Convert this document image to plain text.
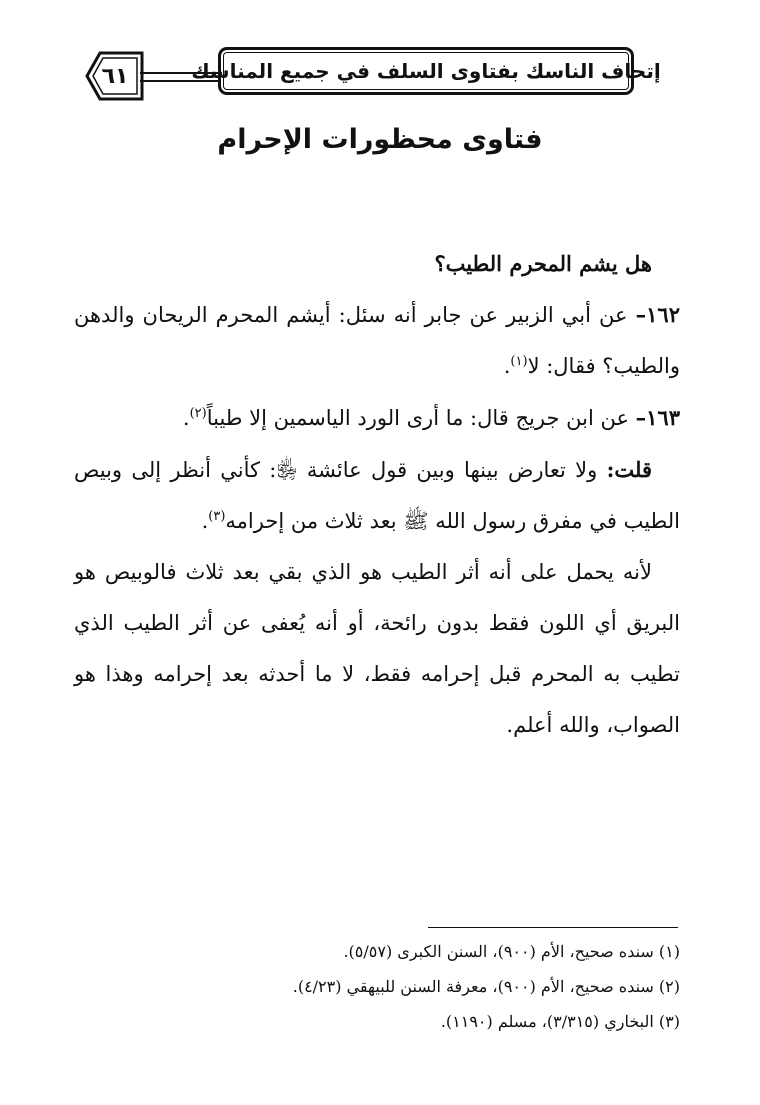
٦١	إتحاف الناسك بفتاوى السلف في جميع المناسك
فتاوى محظورات الإحرام

هل يشم المحرم الطيب؟

١٦٢– عن أبي الزبير عن جابر أنه سئل: أيشم المحرم الريحان والدهن والطيب؟ فقال: لا$^{(١)}$.

١٦٣– عن ابن جريج قال: ما أرى الورد الياسمين إلا طيباً$^{(٢)}$.

قلت: ولا تعارض بينها وبين قول عائشة ﵂: كأني أنظر إلى وبيص الطيب في مفرق رسول الله ﷺ بعد ثلاث من إحرامه$^{(٣)}$.

لأنه يحمل على أنه أثر الطيب هو الذي بقي بعد ثلاث فالوبيص هو البريق أي اللون فقط بدون رائحة، أو أنه يُعفى عن أثر الطيب الذي تطيب به المحرم قبل إحرامه فقط، لا ما أحدثه بعد إحرامه وهذا هو الصواب، والله أعلم.

(١) سنده صحيح، الأم (٩٠٠)، السنن الكبرى (٥/٥٧).
(٢) سنده صحيح، الأم (٩٠٠)، معرفة السنن للبيهقي (٤/٢٣).
(٣) البخاري (٣/٣١٥)، مسلم (١١٩٠).
